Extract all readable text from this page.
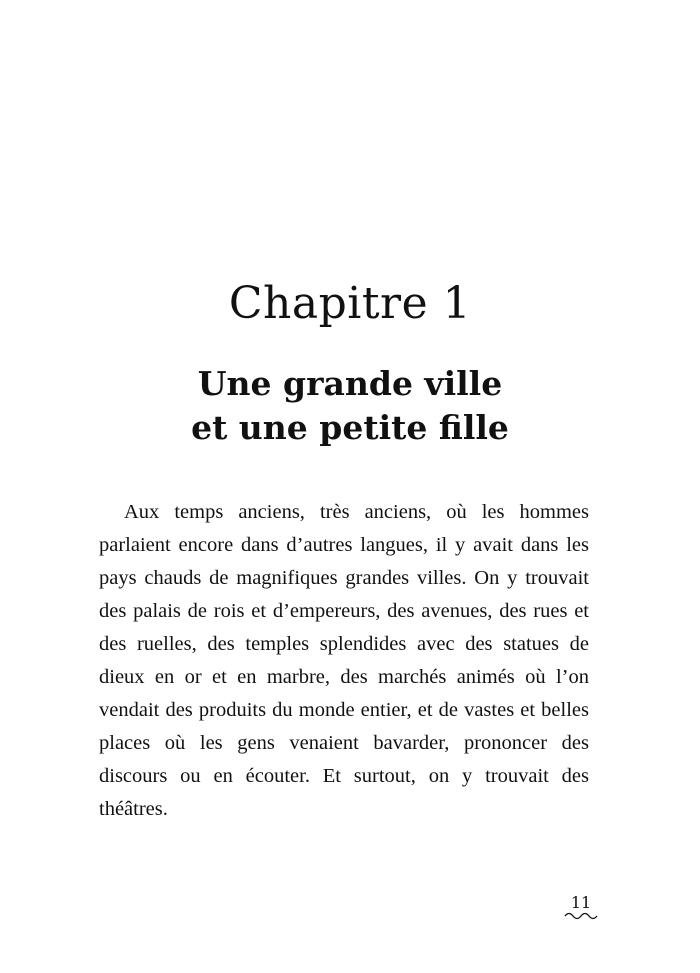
Chapitre 1
Une grande ville
et une petite fille

Aux temps anciens, très anciens, où les hommes parlaient encore dans d’autres langues, il y avait dans les pays chauds de magnifiques grandes villes. On y trouvait des palais de rois et d’empereurs, des avenues, des rues et des ruelles, des temples splendides avec des statues de dieux en or et en marbre, des marchés animés où l’on vendait des produits du monde entier, et de vastes et belles places où les gens venaient bavarder, prononcer des discours ou en écouter. Et surtout, on y trouvait des théâtres.

11
